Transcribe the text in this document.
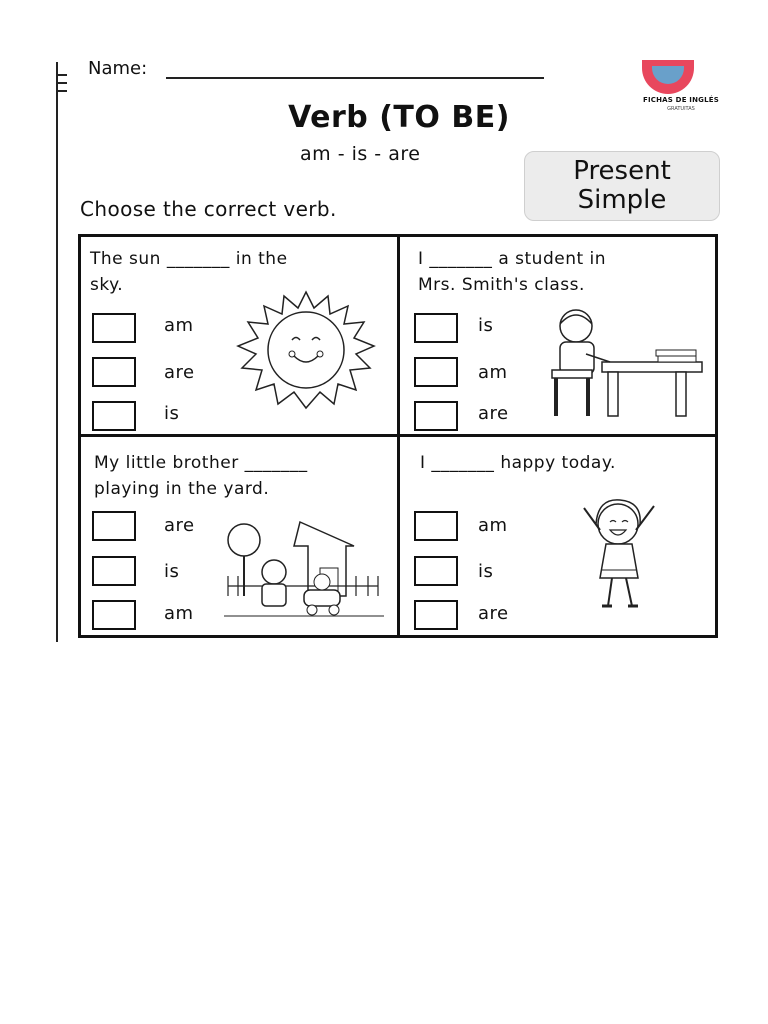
Name:
FICHAS DE INGLÉS
GRATUITAS
Verb (TO BE)
am - is - are
Present
Simple
Choose the correct verb.
The sun _______ in the
sky.
am
are
is
I _______ a student in
Mrs. Smith's class.
is
am
are
My little brother _______
playing in the yard.
are
is
am
I _______ happy today.
am
is
are
